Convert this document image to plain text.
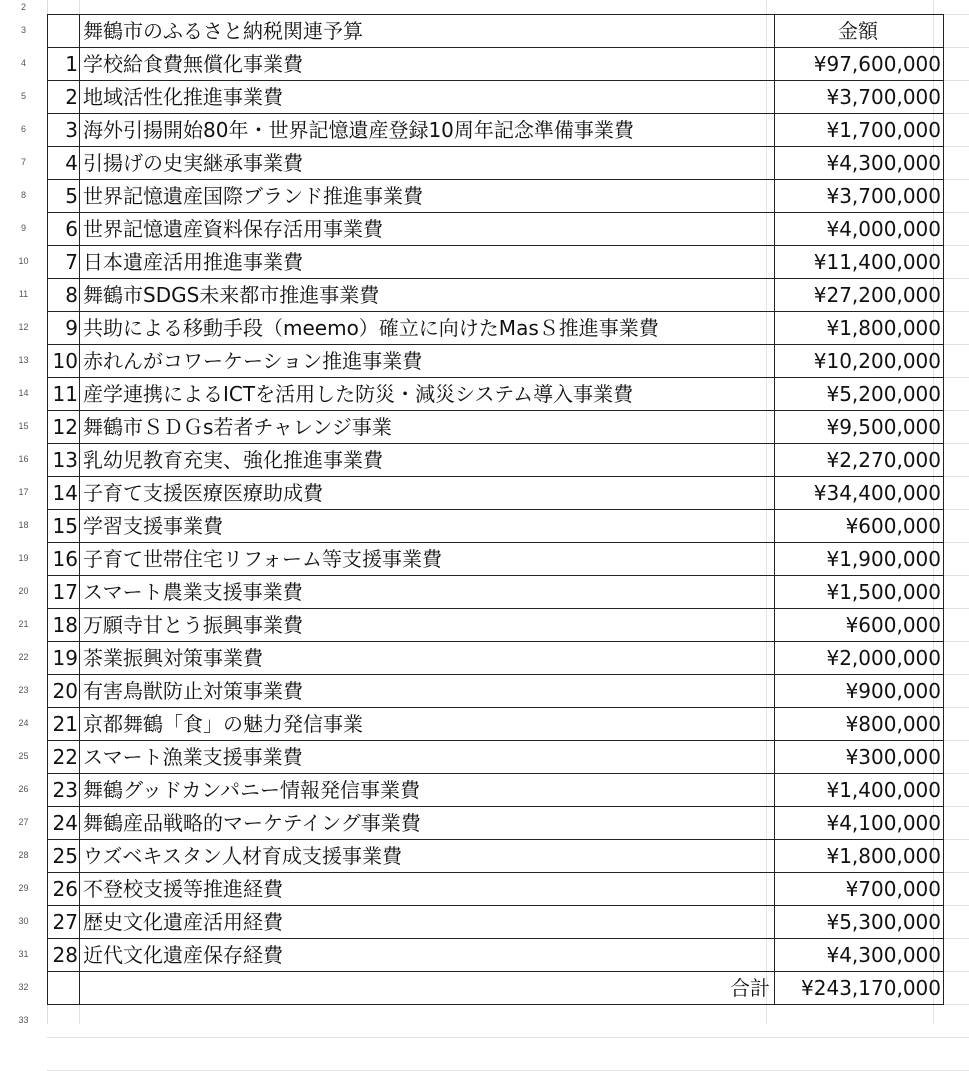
2
3
4
5
6
7
8
9
10
11
12
13
14
15
16
17
18
19
20
21
22
23
24
25
26
27
28
29
30
31
32
33
	舞鶴市のふるさと納税関連予算	金額
1	学校給食費無償化事業費	¥97,600,000
2	地域活性化推進事業費	¥3,700,000
3	海外引揚開始80年・世界記憶遺産登録10周年記念準備事業費	¥1,700,000
4	引揚げの史実継承事業費	¥4,300,000
5	世界記憶遺産国際ブランド推進事業費	¥3,700,000
6	世界記憶遺産資料保存活用事業費	¥4,000,000
7	日本遺産活用推進事業費	¥11,400,000
8	舞鶴市SDGS未来都市推進事業費	¥27,200,000
9	共助による移動手段（meemo）確立に向けたMasＳ推進事業費	¥1,800,000
10	赤れんがコワーケーション推進事業費	¥10,200,000
11	産学連携によるICTを活用した防災・減災システム導入事業費	¥5,200,000
12	舞鶴市ＳＤＧs若者チャレンジ事業	¥9,500,000
13	乳幼児教育充実、強化推進事業費	¥2,270,000
14	子育て支援医療医療助成費	¥34,400,000
15	学習支援事業費	¥600,000
16	子育て世帯住宅リフォーム等支援事業費	¥1,900,000
17	スマート農業支援事業費	¥1,500,000
18	万願寺甘とう振興事業費	¥600,000
19	茶業振興対策事業費	¥2,000,000
20	有害鳥獣防止対策事業費	¥900,000
21	京都舞鶴「食」の魅力発信事業	¥800,000
22	スマート漁業支援事業費	¥300,000
23	舞鶴グッドカンパニー情報発信事業費	¥1,400,000
24	舞鶴産品戦略的マーケテイング事業費	¥4,100,000
25	ウズベキスタン人材育成支援事業費	¥1,800,000
26	不登校支援等推進経費	¥700,000
27	歴史文化遺産活用経費	¥5,300,000
28	近代文化遺産保存経費	¥4,300,000
	合計	¥243,170,000
